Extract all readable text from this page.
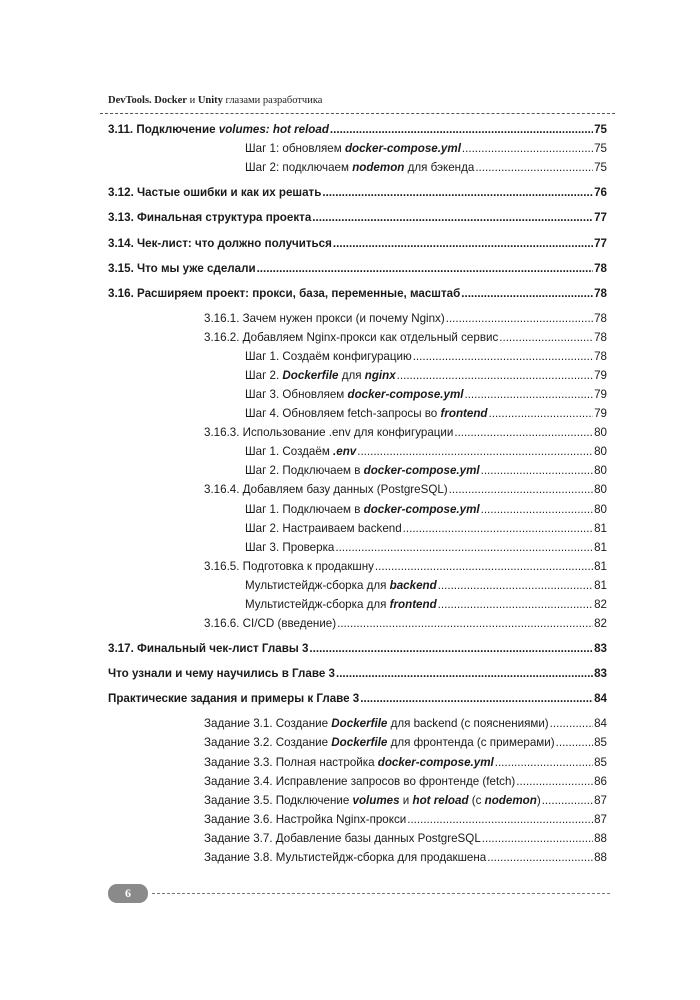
DevTools. Docker и Unity глазами разработчика
3.11. Подключение volumes: hot reload .....	75
Шаг 1: обновляем docker-compose.yml .....	75
Шаг 2: подключаем nodemon для бэкенда .....	75
3.12. Частые ошибки и как их решать .....	76
3.13. Финальная структура проекта .....	77
3.14. Чек-лист: что должно получиться .....	77
3.15. Что мы уже сделали .....	78
3.16. Расширяем проект: прокси, база, переменные, масштаб .....	78
3.16.1. Зачем нужен прокси (и почему Nginx) .....	78
3.16.2. Добавляем Nginx-прокси как отдельный сервис .....	78
Шаг 1. Создаём конфигурацию .....	78
Шаг 2. Dockerfile для nginx .....	79
Шаг 3. Обновляем docker-compose.yml .....	79
Шаг 4. Обновляем fetch-запросы во frontend .....	79
3.16.3. Использование .env для конфигурации .....	80
Шаг 1. Создаём .env .....	80
Шаг 2. Подключаем в docker-compose.yml .....	80
3.16.4. Добавляем базу данных (PostgreSQL) .....	80
Шаг 1. Подключаем в docker-compose.yml .....	80
Шаг 2. Настраиваем backend .....	81
Шаг 3. Проверка .....	81
3.16.5. Подготовка к продакшну .....	81
Мультистейдж-сборка для backend .....	81
Мультистейдж-сборка для frontend .....	82
3.16.6. CI/CD (введение) .....	82
3.17. Финальный чек-лист Главы 3 .....	83
Что узнали и чему научились в Главе 3 .....	83
Практические задания и примеры к Главе 3 .....	84
Задание 3.1. Создание Dockerfile для backend (с пояснениями) .....	84
Задание 3.2. Создание Dockerfile для фронтенда (с примерами) .....	85
Задание 3.3. Полная настройка docker-compose.yml .....	85
Задание 3.4. Исправление запросов во фронтенде (fetch) .....	86
Задание 3.5. Подключение volumes и hot reload (с nodemon) .....	87
Задание 3.6. Настройка Nginx-прокси .....	87
Задание 3.7. Добавление базы данных PostgreSQL .....	88
Задание 3.8. Мультистейдж-сборка для продакшена .....	88
6
